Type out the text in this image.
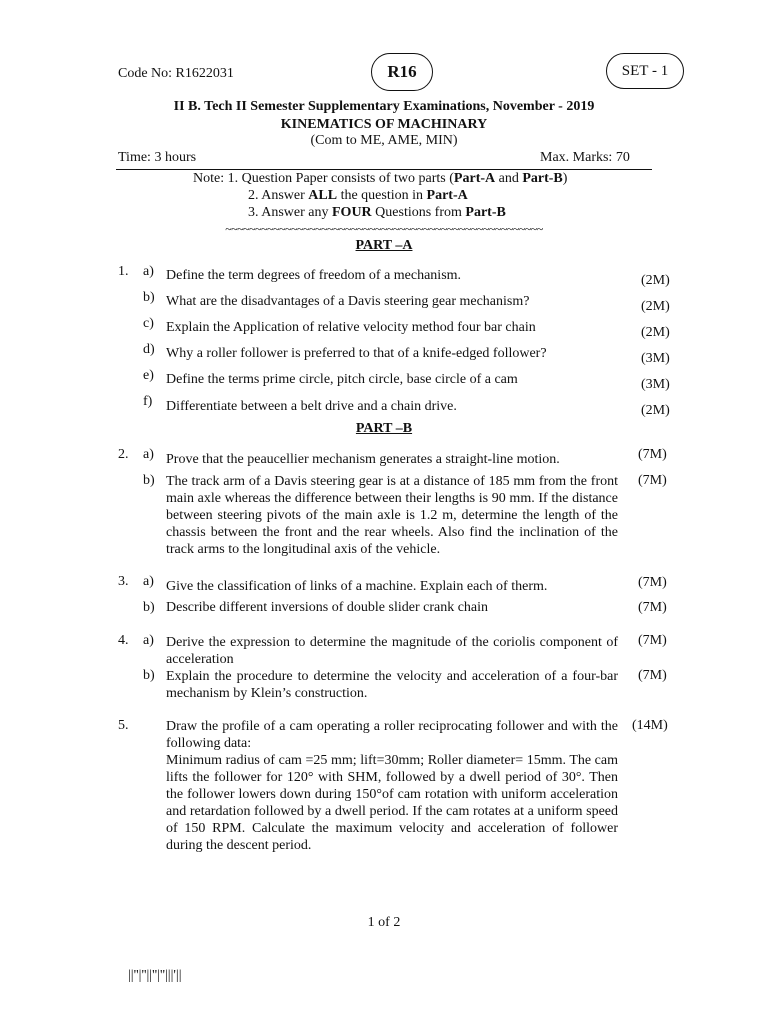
Code No: R1622031	R16	SET - 1
II B. Tech II Semester Supplementary Examinations, November - 2019
KINEMATICS OF MACHINARY
(Com to ME, AME, MIN)
Time: 3 hours	Max. Marks: 70
Note: 1. Question Paper consists of two parts (Part-A and Part-B)
2. Answer ALL the question in Part-A
3. Answer any FOUR Questions from Part-B
~~~~~~~~~~~~~~~~~~~~~~~~~~~~~~~~~~~~~~~~~~~~~~~~~~~~~
PART –A
1. a) Define the term degrees of freedom of a mechanism.	(2M)
b) What are the disadvantages of a Davis steering gear mechanism?	(2M)
c) Explain the Application of relative velocity method four bar chain	(2M)
d) Why a roller follower is preferred to that of a knife-edged follower?	(3M)
e) Define the terms prime circle, pitch circle, base circle of a cam	(3M)
f) Differentiate between a belt drive and a chain drive.	(2M)
PART –B
2. a) Prove that the peaucellier mechanism generates a straight-line motion.	(7M)
b) The track arm of a Davis steering gear is at a distance of 185 mm from the front main axle whereas the difference between their lengths is 90 mm. If the distance between steering pivots of the main axle is 1.2 m, determine the length of the chassis between the front and the rear wheels. Also find the inclination of the track arms to the longitudinal axis of the vehicle.
(7M)
3. a) Give the classification of links of a machine. Explain each of therm.	(7M)
b) Describe different inversions of double slider crank chain	(7M)
4. a) Derive the expression to determine the magnitude of the coriolis component of acceleration
(7M)
b) Explain the procedure to determine the velocity and acceleration of a four-bar mechanism by Klein’s construction.
(7M)
5.	Draw the profile of a cam operating a roller reciprocating follower and with the following data:
Minimum radius of cam =25 mm; lift=30mm; Roller diameter= 15mm. The cam lifts the follower for 120° with SHM, followed by a dwell period of 30°. Then the follower lowers down during 150°of cam rotation with uniform acceleration and retardation followed by a dwell period. If the cam rotates at a uniform speed of 150 RPM. Calculate the maximum velocity and acceleration of follower during the descent period.
(14M)
1 of 2
||''|''||''|''|||'||
